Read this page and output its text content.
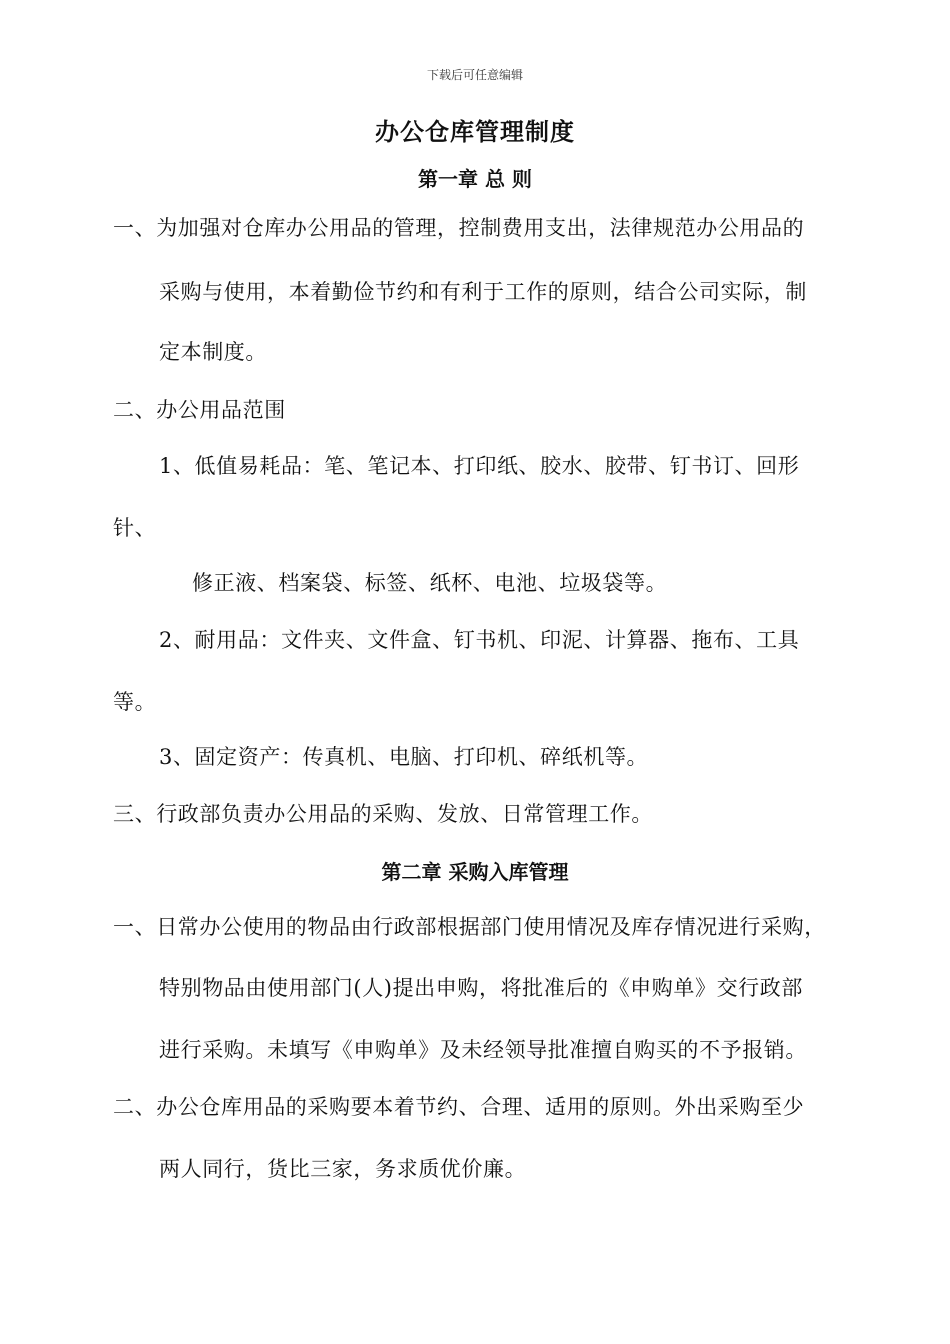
下载后可任意编辑
办公仓库管理制度
第一章 总 则
一、为加强对仓库办公用品的管理，控制费用支出，法律规范办公用品的
采购与使用，本着勤俭节约和有利于工作的原则，结合公司实际，制
定本制度。
二、办公用品范围
1、低值易耗品：笔、笔记本、打印纸、胶水、胶带、钉书订、回形
针、
修正液、档案袋、标签、纸杯、电池、垃圾袋等。
2、耐用品：文件夹、文件盒、钉书机、印泥、计算器、拖布、工具
等。
3、固定资产：传真机、电脑、打印机、碎纸机等。
三、行政部负责办公用品的采购、发放、日常管理工作。
第二章 采购入库管理
一、日常办公使用的物品由行政部根据部门使用情况及库存情况进行采购，
特别物品由使用部门(人)提出申购，将批准后的《申购单》交行政部
进行采购。未填写《申购单》及未经领导批准擅自购买的不予报销。
二、办公仓库用品的采购要本着节约、合理、适用的原则。外出采购至少
两人同行，货比三家，务求质优价廉。
